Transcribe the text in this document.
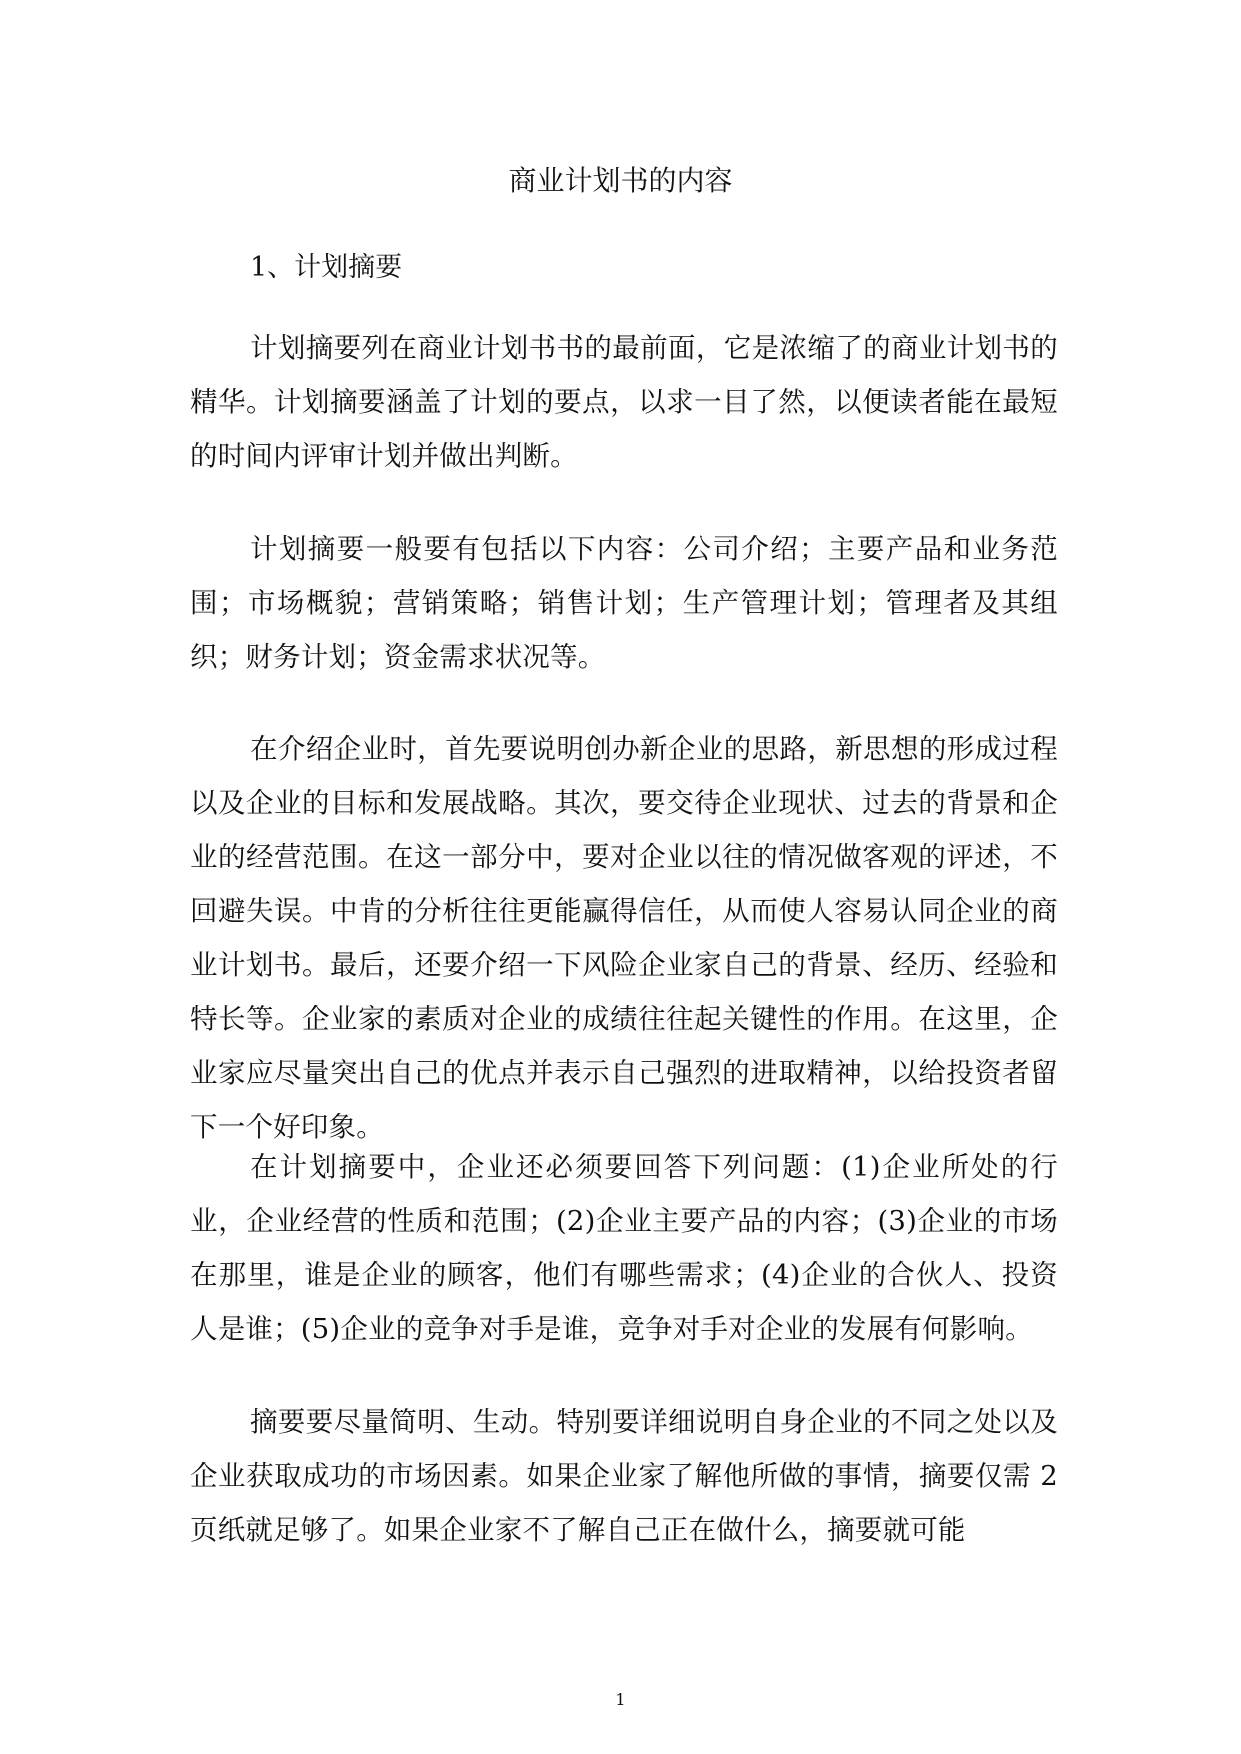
商业计划书的内容
1、计划摘要

计划摘要列在商业计划书书的最前面，它是浓缩了的商业计划书的精华。计划摘要涵盖了计划的要点，以求一目了然，以便读者能在最短的时间内评审计划并做出判断。

计划摘要一般要有包括以下内容：公司介绍；主要产品和业务范围；市场概貌；营销策略；销售计划；生产管理计划；管理者及其组织；财务计划；资金需求状况等。

在介绍企业时，首先要说明创办新企业的思路，新思想的形成过程以及企业的目标和发展战略。其次，要交待企业现状、过去的背景和企业的经营范围。在这一部分中，要对企业以往的情况做客观的评述，不回避失误。中肯的分析往往更能赢得信任，从而使人容易认同企业的商业计划书。最后，还要介绍一下风险企业家自己的背景、经历、经验和特长等。企业家的素质对企业的成绩往往起关键性的作用。在这里，企业家应尽量突出自己的优点并表示自己强烈的进取精神，以给投资者留下一个好印象。

在计划摘要中，企业还必须要回答下列问题：(1)企业所处的行业，企业经营的性质和范围；(2)企业主要产品的内容；(3)企业的市场在那里，谁是企业的顾客，他们有哪些需求；(4)企业的合伙人、投资人是谁；(5)企业的竞争对手是谁，竞争对手对企业的发展有何影响。

摘要要尽量简明、生动。特别要详细说明自身企业的不同之处以及企业获取成功的市场因素。如果企业家了解他所做的事情，摘要仅需 2 页纸就足够了。如果企业家不了解自己正在做什么，摘要就可能

1
